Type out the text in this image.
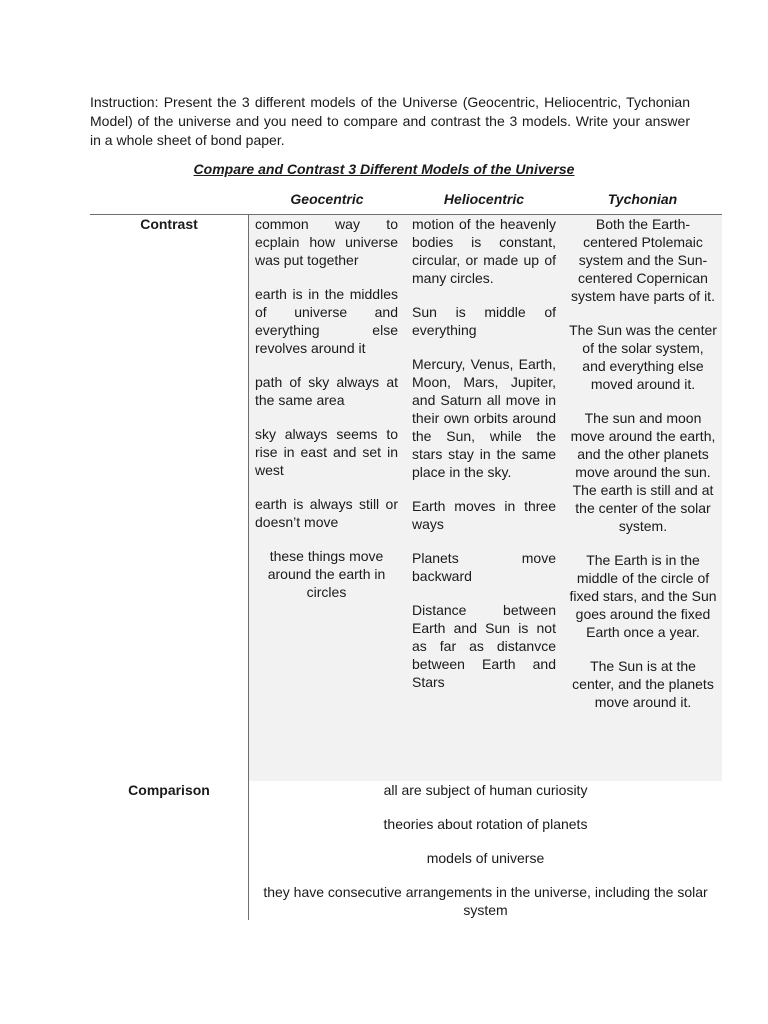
Instruction: Present the 3 different models of the Universe (Geocentric, Heliocentric, Tychonian Model) of the universe and you need to compare and contrast the 3 models. Write your answer in a whole sheet of bond paper.
Compare and Contrast 3 Different Models of the Universe
Geocentric	Heliocentric	Tychonian
Contrast
Comparison

common way to ecplain how universe was put together

earth is in the middles of universe and everything else revolves around it

path of sky always at the same area

sky always seems to rise in east and set in west

earth is always still or doesn’t move

these things move around the earth in circles

motion of the heavenly bodies is constant, circular, or made up of many circles.

Sun is middle of everything

Mercury, Venus, Earth, Moon, Mars, Jupiter, and Saturn all move in their own orbits around the Sun, while the stars stay in the same place in the sky.

Earth moves in three ways

Planets move backward

Distance between Earth and Sun is not as far as distanvce between Earth and Stars

Both the Earth-centered Ptolemaic system and the Sun-centered Copernican system have parts of it.

The Sun was the center of the solar system, and everything else moved around it.

The sun and moon move around the earth, and the other planets move around the sun. The earth is still and at the center of the solar system.

The Earth is in the middle of the circle of fixed stars, and the Sun goes around the fixed Earth once a year.

The Sun is at the center, and the planets move around it.

all are subject of human curiosity

theories about rotation of planets

models of universe

they have consecutive arrangements in the universe, including the solar system
